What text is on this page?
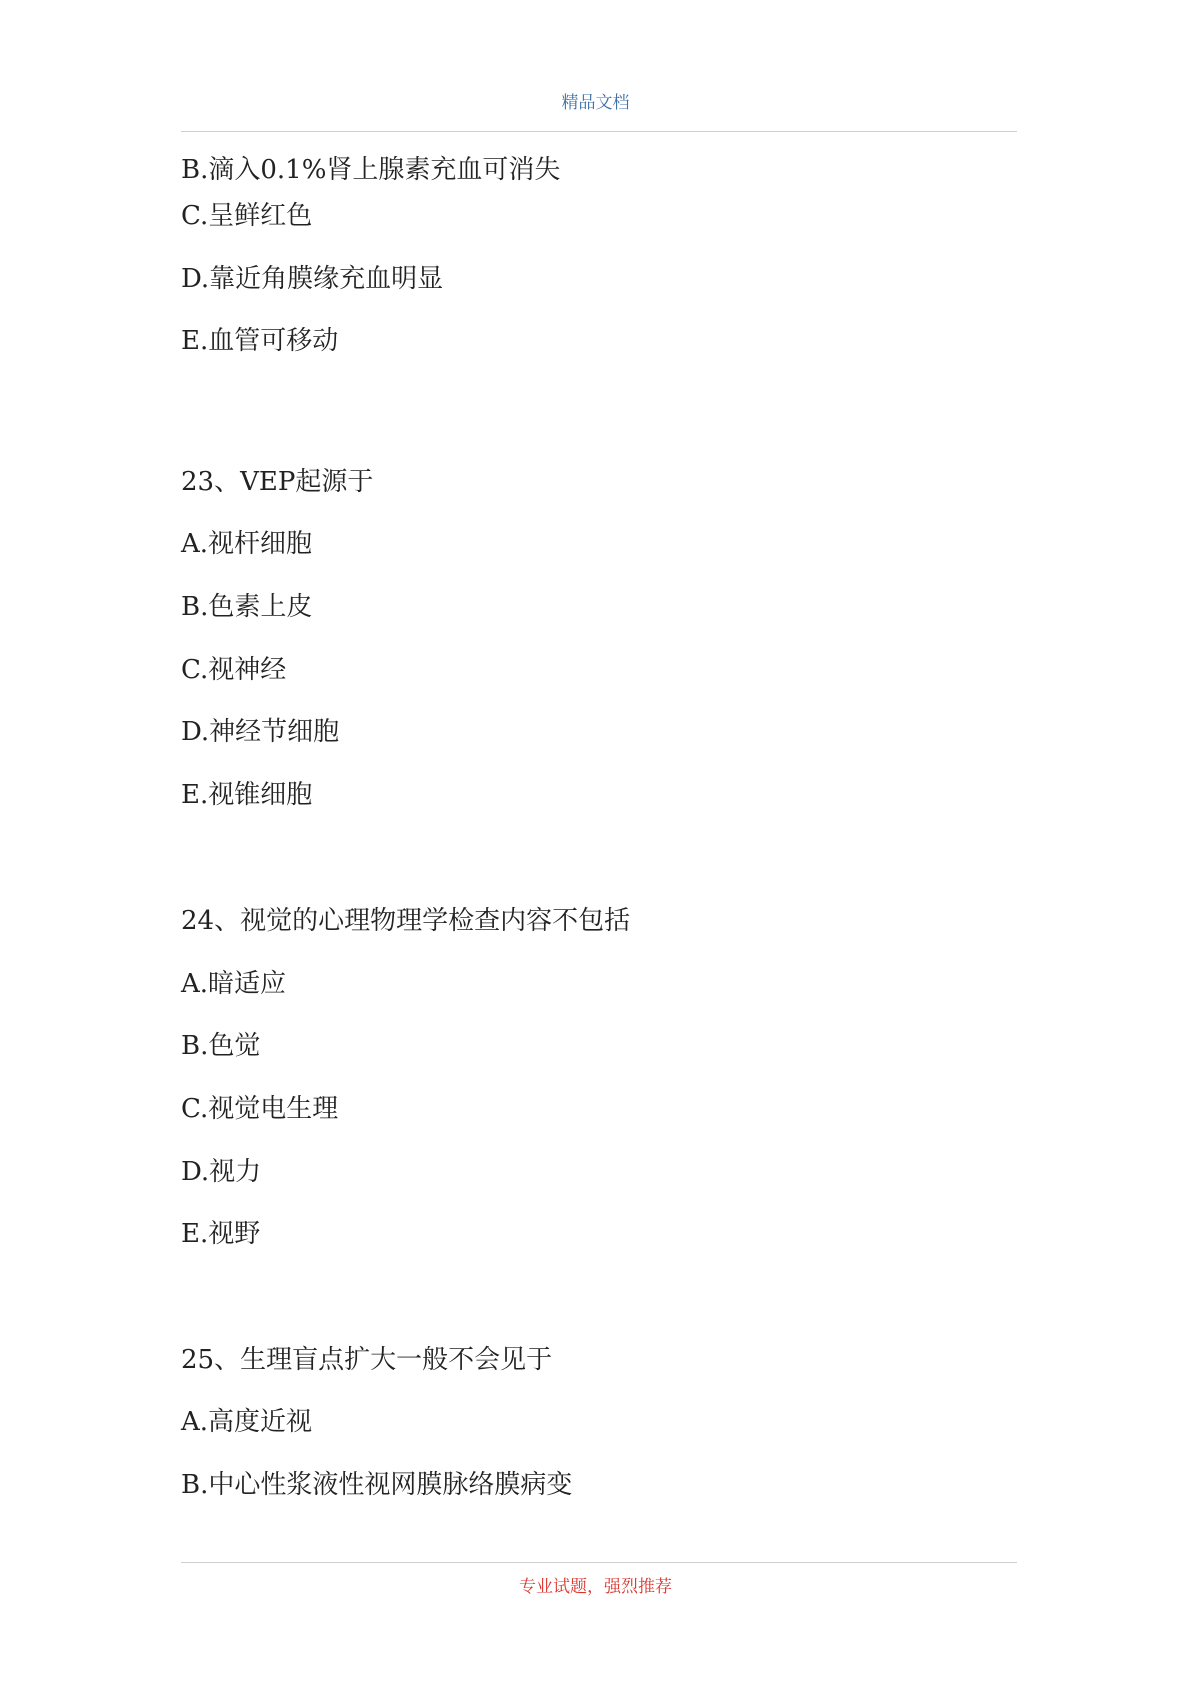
精品文档
B.滴入0.1%肾上腺素充血可消失
C.呈鲜红色
D.靠近角膜缘充血明显
E.血管可移动
23、VEP起源于
A.视杆细胞
B.色素上皮
C.视神经
D.神经节细胞
E.视锥细胞
24、视觉的心理物理学检查内容不包括
A.暗适应
B.色觉
C.视觉电生理
D.视力
E.视野
25、生理盲点扩大一般不会见于
A.高度近视
B.中心性浆液性视网膜脉络膜病变
专业试题，强烈推荐
